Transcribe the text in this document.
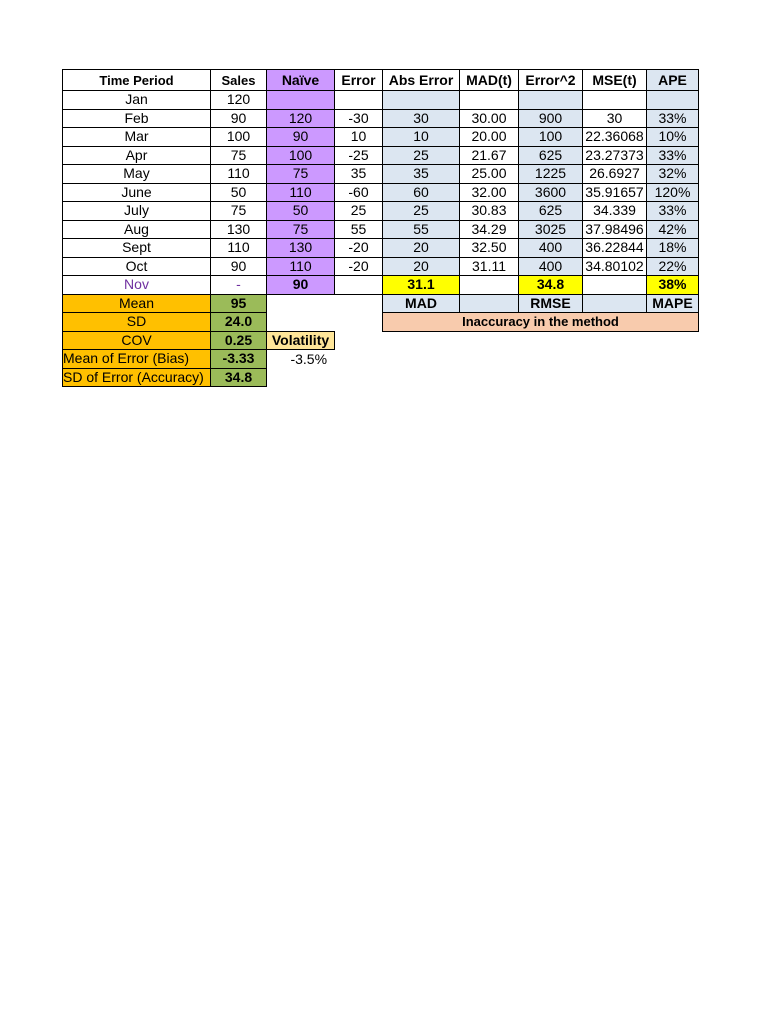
Time Period	Sales	Naïve	Error	Abs Error	MAD(t)	Error^2	MSE(t)	APE
Jan	120							
Feb	90	120	-30	30	30.00	900	30	33%
Mar	100	90	10	10	20.00	100	22.36068	10%
Apr	75	100	-25	25	21.67	625	23.27373	33%
May	110	75	35	35	25.00	1225	26.6927	32%
June	50	110	-60	60	32.00	3600	35.91657	120%
July	75	50	25	25	30.83	625	34.339	33%
Aug	130	75	55	55	34.29	3025	37.98496	42%
Sept	110	130	-20	20	32.50	400	36.22844	18%
Oct	90	110	-20	20	31.11	400	34.80102	22%
Nov	-	90		31.1		34.8		38%
Mean	95			MAD		RMSE		MAPE
SD	24.0			Inaccuracy in the method				
COV	0.25	Volatility						
Mean of Error (Bias)	-3.33	-3.5%						
SD of Error (Accuracy)	34.8							
